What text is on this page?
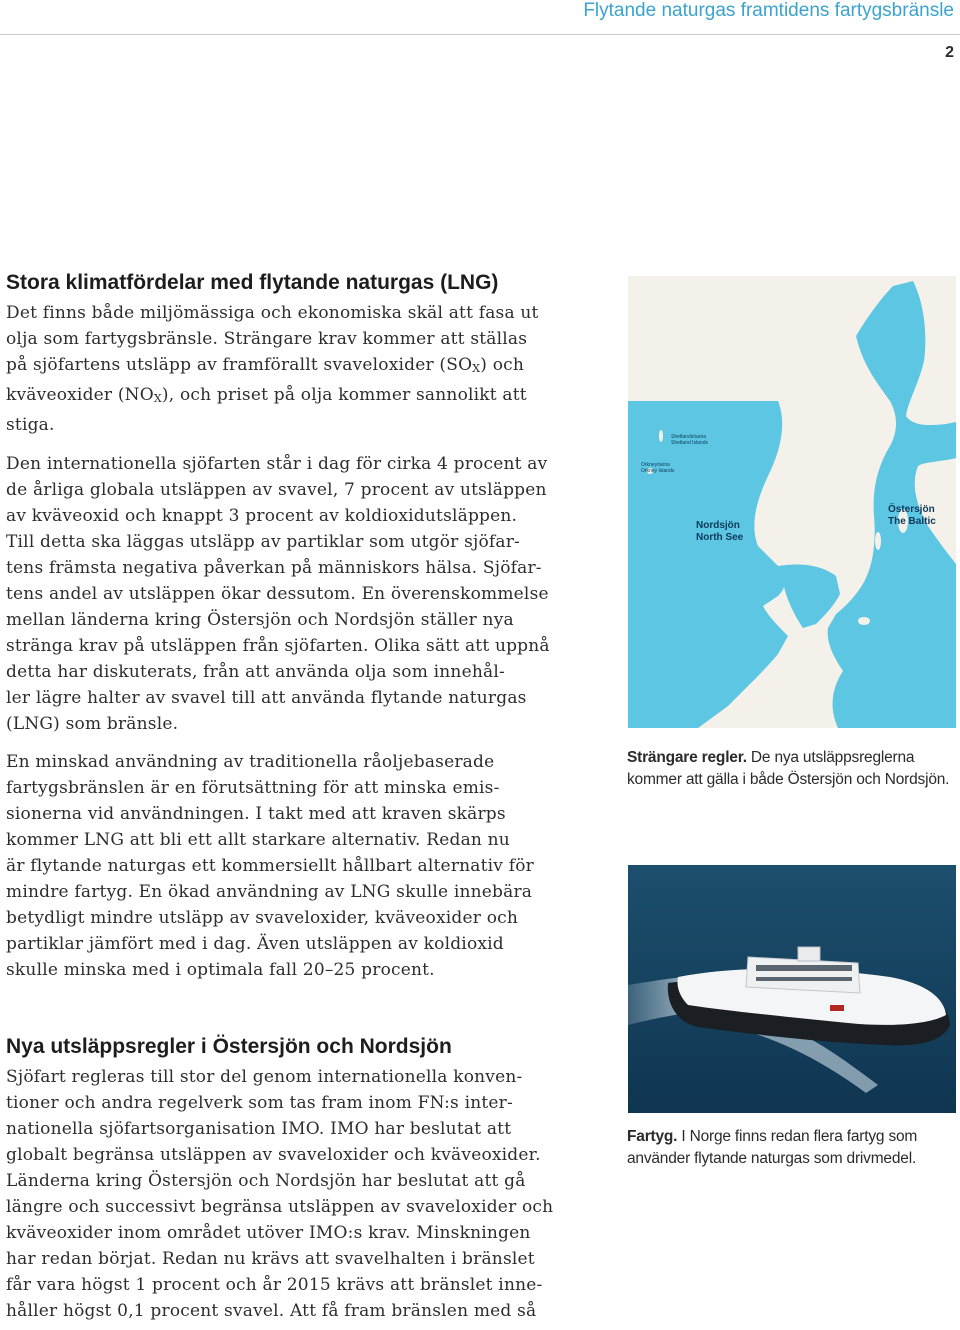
Flytande naturgas framtidens fartygsbränsle
2
Stora klimatfördelar med flytande naturgas (LNG)

Det finns både miljömässiga och ekonomiska skäl att fasa ut
olja som fartygsbränsle. Strängare krav kommer att ställas
på sjöfartens utsläpp av framförallt svaveloxider (SOX) och
kväveoxider (NOX), och priset på olja kommer sannolikt att
stiga.

Den internationella sjöfarten står i dag för cirka 4 procent av
de årliga globala utsläppen av svavel, 7 procent av utsläppen
av kväveoxid och knappt 3 procent av koldioxidutsläppen.
Till detta ska läggas utsläpp av partiklar som utgör sjöfar-
tens främsta negativa påverkan på människors hälsa. Sjöfar-
tens andel av utsläppen ökar dessutom. En överenskommelse
mellan länderna kring Östersjön och Nordsjön ställer nya
stränga krav på utsläppen från sjöfarten. Olika sätt att uppnå
detta har diskuterats, från att använda olja som innehål-
ler lägre halter av svavel till att använda flytande naturgas
(LNG) som bränsle.

En minskad användning av traditionella råoljebaserade
fartygsbränslen är en förutsättning för att minska emis-
sionerna vid användningen. I takt med att kraven skärps
kommer LNG att bli ett allt starkare alternativ. Redan nu
är flytande naturgas ett kommersiellt hållbart alternativ för
mindre fartyg. En ökad användning av LNG skulle innebära
betydligt mindre utsläpp av svaveloxider, kväveoxider och
partiklar jämfört med i dag. Även utsläppen av koldioxid
skulle minska med i optimala fall 20–25 procent.

Nya utsläppsregler i Östersjön och Nordsjön

Sjöfart regleras till stor del genom internationella konven-
tioner och andra regelverk som tas fram inom FN:s inter-
nationella sjöfartsorganisation IMO. IMO har beslutat att
globalt begränsa utsläppen av svaveloxider och kväveoxider.
Länderna kring Östersjön och Nordsjön har beslutat att gå
längre och successivt begränsa utsläppen av svaveloxider och
kväveoxider inom området utöver IMO:s krav. Minskningen
har redan börjat. Redan nu krävs att svavelhalten i bränslet
får vara högst 1 procent och år 2015 krävs att bränslet inne-
håller högst 0,1 procent svavel. Att få fram bränslen med så

Shetlandsöarna
Shetland Islands
Orkneyöarna
Orkney Islands
Nordsjön
North See
Östersjön
The Baltic
Strängare regler. De nya utsläppsreglerna kommer att gälla i både Östersjön och Nordsjön.
Fartyg. I Norge finns redan flera fartyg som använder flytande naturgas som drivmedel.
